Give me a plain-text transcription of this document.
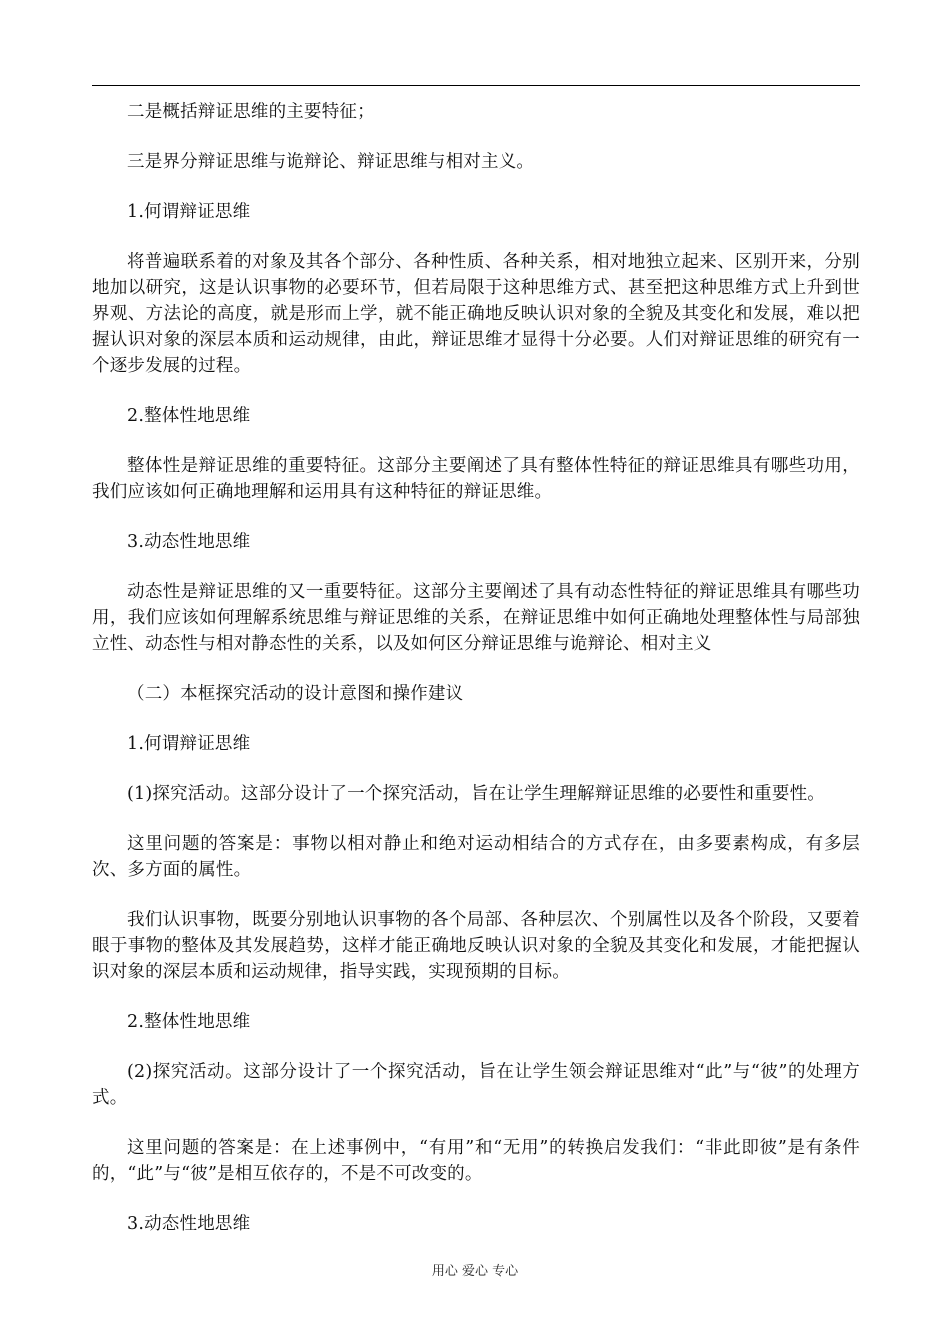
二是概括辩证思维的主要特征；

三是界分辩证思维与诡辩论、辩证思维与相对主义。

1.何谓辩证思维

将普遍联系着的对象及其各个部分、各种性质、各种关系，相对地独立起来、区别开来，分别地加以研究，这是认识事物的必要环节，但若局限于这种思维方式、甚至把这种思维方式上升到世界观、方法论的高度，就是形而上学，就不能正确地反映认识对象的全貌及其变化和发展，难以把握认识对象的深层本质和运动规律，由此，辩证思维才显得十分必要。人们对辩证思维的研究有一个逐步发展的过程。

2.整体性地思维

整体性是辩证思维的重要特征。这部分主要阐述了具有整体性特征的辩证思维具有哪些功用，我们应该如何正确地理解和运用具有这种特征的辩证思维。

3.动态性地思维

动态性是辩证思维的又一重要特征。这部分主要阐述了具有动态性特征的辩证思维具有哪些功用，我们应该如何理解系统思维与辩证思维的关系，在辩证思维中如何正确地处理整体性与局部独立性、动态性与相对静态性的关系，以及如何区分辩证思维与诡辩论、相对主义

（二）本框探究活动的设计意图和操作建议

1.何谓辩证思维

(1)探究活动。这部分设计了一个探究活动，旨在让学生理解辩证思维的必要性和重要性。

这里问题的答案是：事物以相对静止和绝对运动相结合的方式存在，由多要素构成，有多层次、多方面的属性。

我们认识事物，既要分别地认识事物的各个局部、各种层次、个别属性以及各个阶段，又要着眼于事物的整体及其发展趋势，这样才能正确地反映认识对象的全貌及其变化和发展，才能把握认识对象的深层本质和运动规律，指导实践，实现预期的目标。

2.整体性地思维

(2)探究活动。这部分设计了一个探究活动，旨在让学生领会辩证思维对“此”与“彼”的处理方式。

这里问题的答案是：在上述事例中，“有用”和“无用”的转换启发我们：“非此即彼”是有条件的，“此”与“彼”是相互依存的，不是不可改变的。

3.动态性地思维

用心 爱心 专心
